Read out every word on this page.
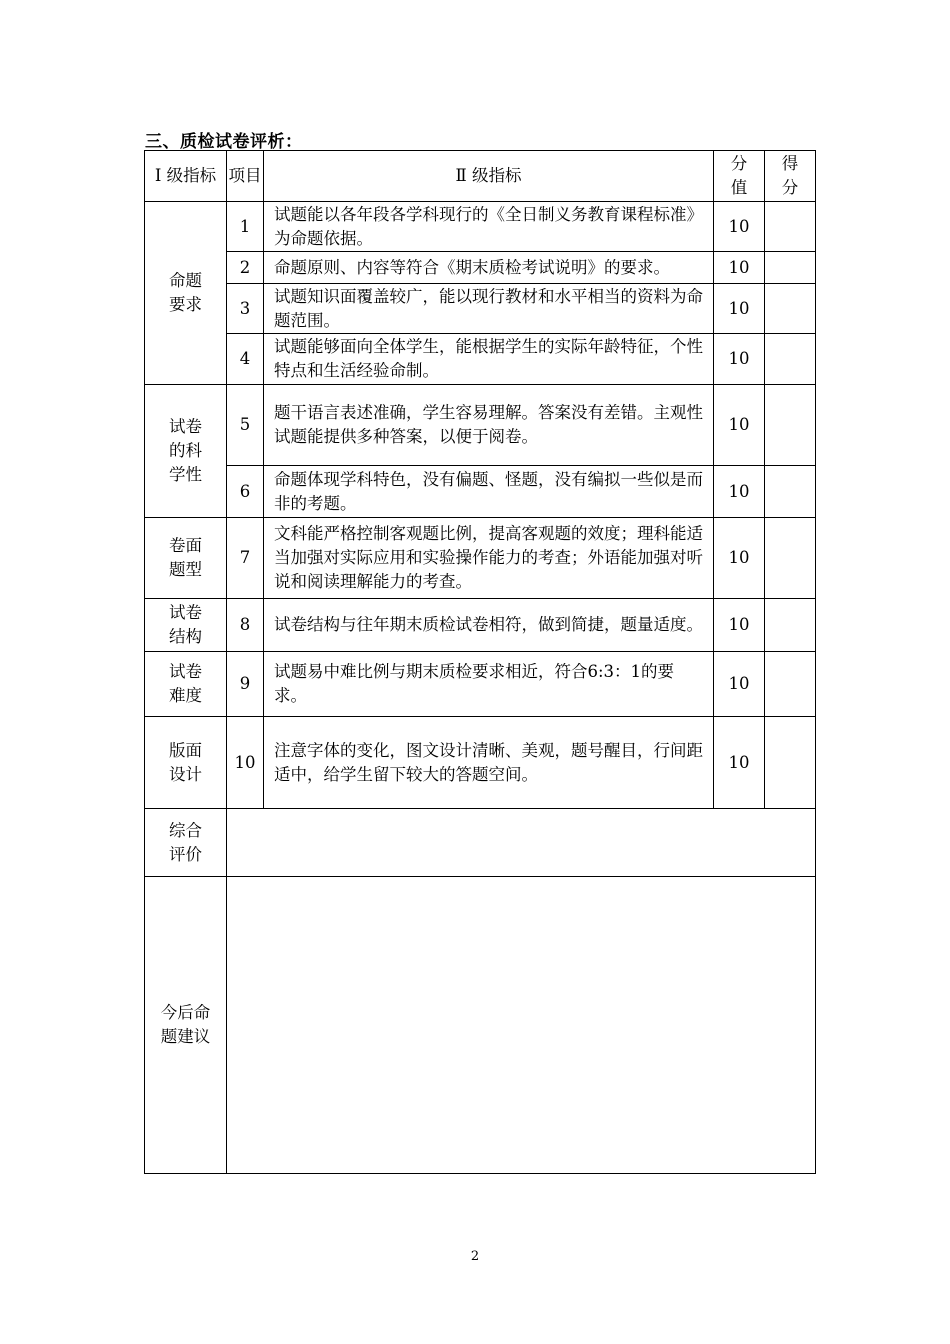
三、质检试卷评析：
Ⅰ 级指标	项目	Ⅱ 级指标	分值	得分
命题要求	1	试题能以各年段各学科现行的《全日制义务教育课程标准》为命题依据。	10	
	2	命题原则、内容等符合《期末质检考试说明》的要求。	10	
	3	试题知识面覆盖较广，能以现行教材和水平相当的资料为命题范围。	10	
	4	试题能够面向全体学生，能根据学生的实际年龄特征，个性特点和生活经验命制。	10	
试卷的科学性	5	题干语言表述准确，学生容易理解。答案没有差错。主观性试题能提供多种答案，以便于阅卷。	10	
	6	命题体现学科特色，没有偏题、怪题，没有编拟一些似是而非的考题。	10	
卷面题型	7	文科能严格控制客观题比例，提高客观题的效度；理科能适当加强对实际应用和实验操作能力的考查；外语能加强对听说和阅读理解能力的考查。	10	
试卷结构	8	试卷结构与往年期末质检试卷相符，做到简捷，题量适度。	10	
试卷难度	9	试题易中难比例与期末质检要求相近，符合6:3：1的要求。	10	
版面设计	10	注意字体的变化，图文设计清晰、美观，题号醒目，行间距适中，给学生留下较大的答题空间。	10	
综合评价				
今后命题建议				
2
